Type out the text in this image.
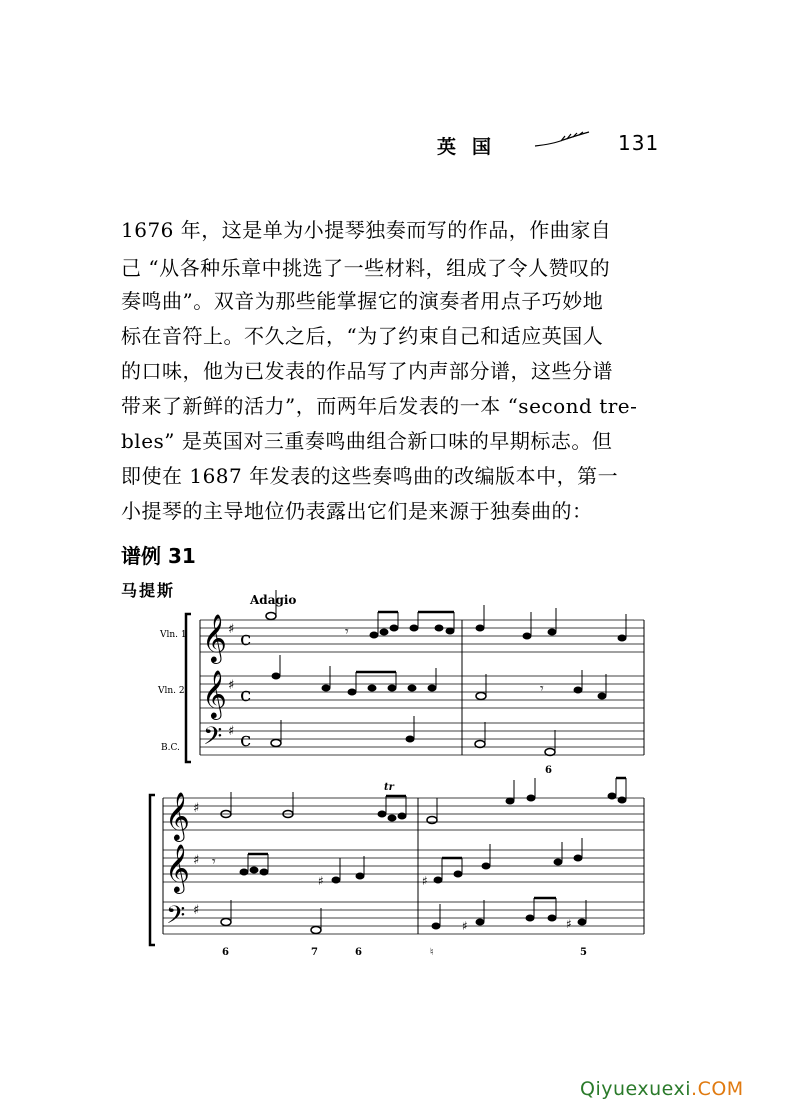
英国	131
1676 年，这是单为小提琴独奏而写的作品，作曲家自
己 “从各种乐章中挑选了一些材料，组成了令人赞叹的
奏鸣曲”。双音为那些能掌握它的演奏者用点子巧妙地
标在音符上。不久之后，“为了约束自己和适应英国人
的口味，他为已发表的作品写了内声部分谱，这些分谱
带来了新鲜的活力”，而两年后发表的一本 “second tre-
bles” 是英国对三重奏鸣曲组合新口味的早期标志。但
即使在 1687 年发表的这些奏鸣曲的改编版本中，第一
小提琴的主导地位仍表露出它们是来源于独奏曲的：
谱例 31
马提斯	Adagio
Vln. 1
Vln. 2
B.C.
𝄞
𝄞
𝄢
♯
♯
♯
c
c
c
𝄾
𝄾
6
𝄞
𝄞
𝄢
♯
♯
♯
tr
𝄾
♯	♯
♯	♯
6	7	6	♮	5
Qiyuexuexi.COM
